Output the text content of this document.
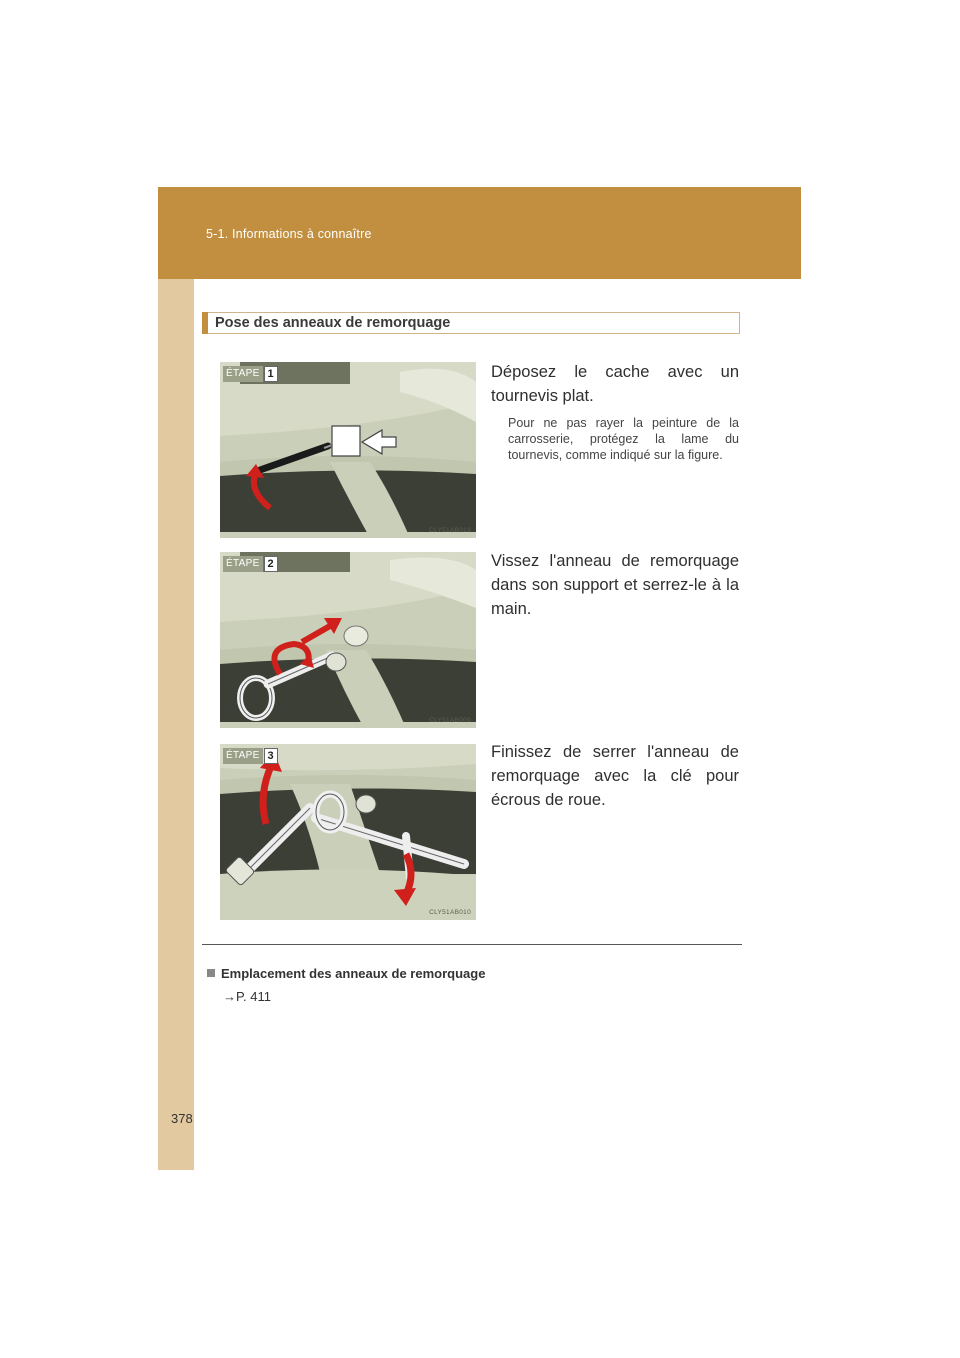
5-1. Informations à connaître
Pose des anneaux de remorquage
ÉTAPE 1
CLY51AB019
Déposez le cache avec un tournevis plat.
Pour ne pas rayer la peinture de la carrosserie, protégez la lame du tournevis, comme indiqué sur la figure.
ÉTAPE 2
CLY51AB009
Vissez l'anneau de remorquage dans son support et serrez-le à la main.
ÉTAPE 3
CLY51AB010
Finissez de serrer l'anneau de remorquage avec la clé pour écrous de roue.
Emplacement des anneaux de remorquage
→P. 411
378
